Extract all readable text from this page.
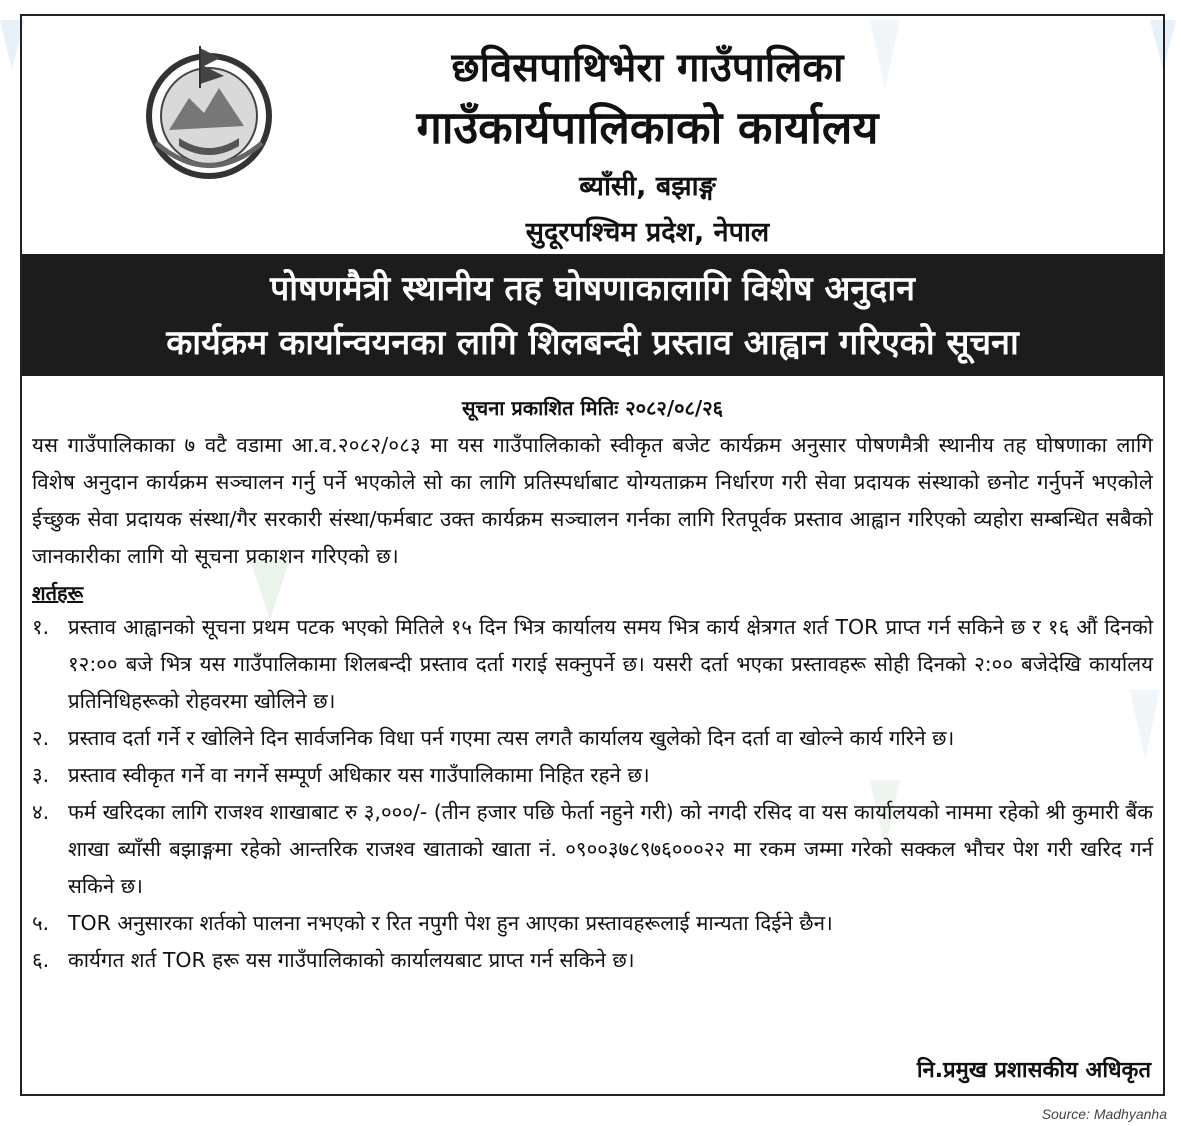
छविसपाथिभेरा गाउँपालिका
गाउँकार्यपालिकाको कार्यालय
ब्याँसी, बझाङ्ग
सुदूरपश्चिम प्रदेश, नेपाल
पोषणमैत्री स्थानीय तह घोषणाकालागि विशेष अनुदान
कार्यक्रम कार्यान्वयनका लागि शिलबन्दी प्रस्ताव आह्वान गरिएको सूचना
सूचना प्रकाशित मितिः २०८२/०८/२६

यस गाउँपालिकाका ७ वटै वडामा आ.व.२०८२/०८३ मा यस गाउँपालिकाको स्वीकृत बजेट कार्यक्रम अनुसार पोषणमैत्री स्थानीय तह घोषणाका लागि विशेष अनुदान कार्यक्रम सञ्चालन गर्नु पर्ने भएकोले सो का लागि प्रतिस्पर्धाबाट योग्यताक्रम निर्धारण गरी सेवा प्रदायक संस्थाको छनोट गर्नुपर्ने भएकोले ईच्छुक सेवा प्रदायक संस्था/गैर सरकारी संस्था/फर्मबाट उक्त कार्यक्रम सञ्चालन गर्नका लागि रितपूर्वक प्रस्ताव आह्वान गरिएको व्यहोरा सम्बन्धित सबैको जानकारीका लागि यो सूचना प्रकाशन गरिएको छ।

शर्तहरू
१. प्रस्ताव आह्वानको सूचना प्रथम पटक भएको मितिले १५ दिन भित्र कार्यालय समय भित्र कार्य क्षेत्रगत शर्त TOR प्राप्त गर्न सकिने छ र १६ औं दिनको १२:०० बजे भित्र यस गाउँपालिकामा शिलबन्दी प्रस्ताव दर्ता गराई सक्नुपर्ने छ। यसरी दर्ता भएका प्रस्तावहरू सोही दिनको २:०० बजेदेखि कार्यालय प्रतिनिधिहरूको रोहवरमा खोलिने छ।
२. प्रस्ताव दर्ता गर्ने र खोलिने दिन सार्वजनिक विधा पर्न गएमा त्यस लगतै कार्यालय खुलेको दिन दर्ता वा खोल्ने कार्य गरिने छ।
३. प्रस्ताव स्वीकृत गर्ने वा नगर्ने सम्पूर्ण अधिकार यस गाउँपालिकामा निहित रहने छ।
४. फर्म खरिदका लागि राजश्व शाखाबाट रु ३,०००/- (तीन हजार पछि फेर्ता नहुने गरी) को नगदी रसिद वा यस कार्यालयको नाममा रहेको श्री कुमारी बैंक शाखा ब्याँसी बझाङ्गमा रहेको आन्तरिक राजश्व खाताको खाता नं. ०९००३७८९७६०००२२ मा रकम जम्मा गरेको सक्कल भौचर पेश गरी खरिद गर्न सकिने छ।
५. TOR अनुसारका शर्तको पालना नभएको र रित नपुगी पेश हुन आएका प्रस्तावहरूलाई मान्यता दिईने छैन।
६. कार्यगत शर्त TOR हरू यस गाउँपालिकाको कार्यालयबाट प्राप्त गर्न सकिने छ।
नि.प्रमुख प्रशासकीय अधिकृत
Source: Madhyanha
